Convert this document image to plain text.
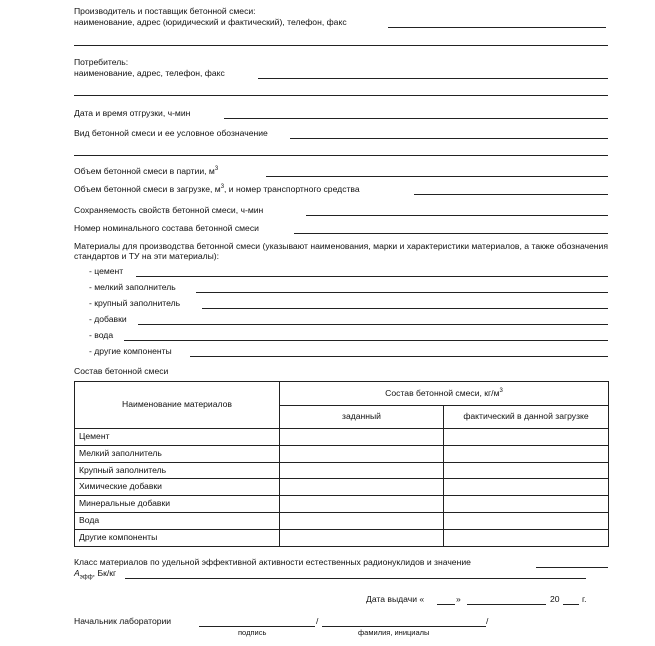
Производитель и поставщик бетонной смеси:
наименование, адрес (юридический и фактический), телефон, факс
Потребитель:
наименование, адрес, телефон, факс
Дата и время отгрузки, ч-мин
Вид бетонной смеси и ее условное обозначение
Объем бетонной смеси в партии, $м^3$
Объем бетонной смеси в загрузке, $м^3$, и номер транспортного средства
Сохраняемость свойств бетонной смеси, ч-мин
Номер номинального состава бетонной смеси
Материалы для производства бетонной смеси (указывают наименования, марки и характеристики материалов, а также обозначения стандартов и ТУ на эти материалы):
- цемент
- мелкий заполнитель
- крупный заполнитель
- добавки
- вода
- другие компоненты
Состав бетонной смеси
Наименование материалов	Состав бетонной смеси, $кг/м^3$
	заданный	фактический в данной загрузке
Цемент		
Мелкий заполнитель		
Крупный заполнитель		
Химические добавки		
Минеральные добавки		
Вода		
Другие компоненты		
Класс материалов по удельной эффективной активности естественных радионуклидов и значение
$A_{эфф}$, Бк/кг
Дата выдачи «	»	20	г.
Начальник лаборатории	/	/
подпись	фамилия, инициалы
